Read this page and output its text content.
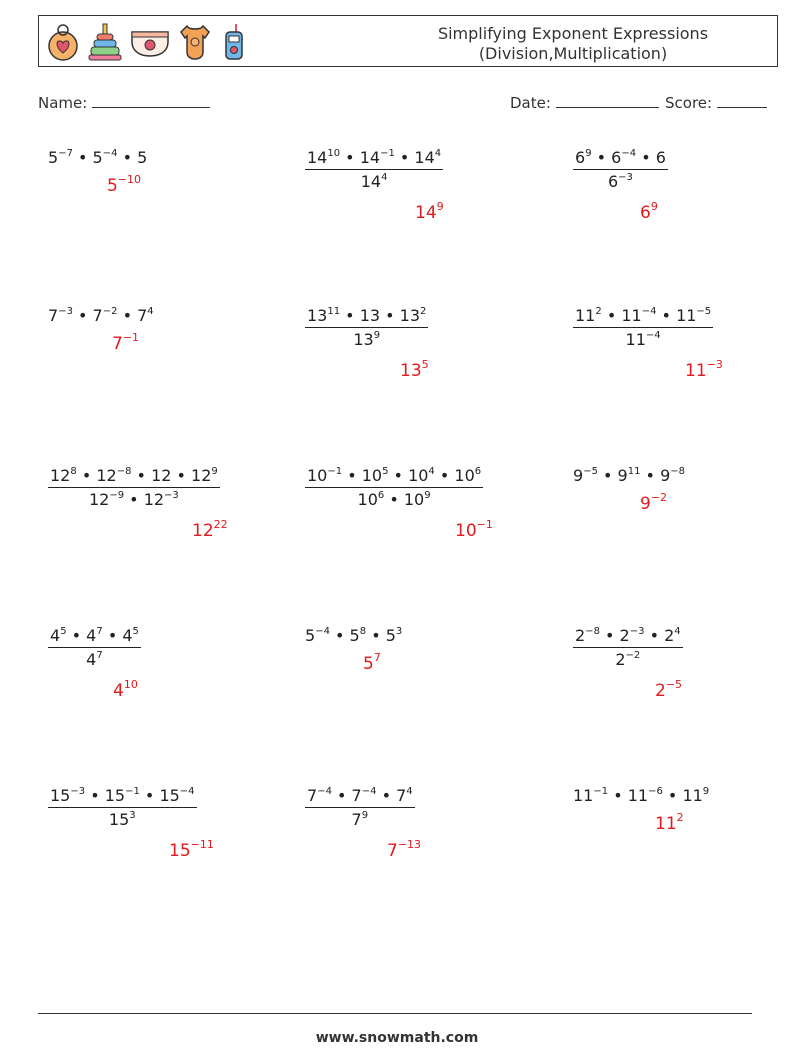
Simplifying Exponent Expressions
(Division,Multiplication)
Name:	Date:	Score:
$5^{-7}$ • $5^{-4}$ • 5
$5^{-10}$	$\frac{14^{10} • 14^{-1} • 14^4}{14^4}$
$14^9$
$\frac{6^9 • 6^{-4} • 6}{6^{-3}}$
$6^9$
$7^{-3}$ • $7^{-2}$ • $7^4$
$7^{-1}$	$\frac{13^{11} • 13 • 13^2}{13^9}$
$13^5$
$\frac{11^2 • 11^{-4} • 11^{-5}}{11^{-4}}$
$11^{-3}$
$\frac{12^8 • 12^{-8} • 12 • 12^9}{12^{-9} • 12^{-3}}$
$12^{22}$
$\frac{10^{-1} • 10^5 • 10^4 • 10^6}{10^6 • 10^9}$
$10^{-1}$
$9^{-5}$ • $9^{11}$ • $9^{-8}$
$9^{-2}$
$\frac{4^5 • 4^7 • 4^5}{4^7}$
$4^{10}$
$5^{-4}$ • $5^8$ • $5^3$
$5^7$	$\frac{2^{-8} • 2^{-3} • 2^4}{2^{-2}}$
$2^{-5}$
$\frac{15^{-3} • 15^{-1} • 15^{-4}}{15^3}$
$15^{-11}$
$\frac{7^{-4} • 7^{-4} • 7^4}{7^9}$
$7^{-13}$
$11^{-1}$ • $11^{-6}$ • $11^9$
$11^2$
www.snowmath.com
